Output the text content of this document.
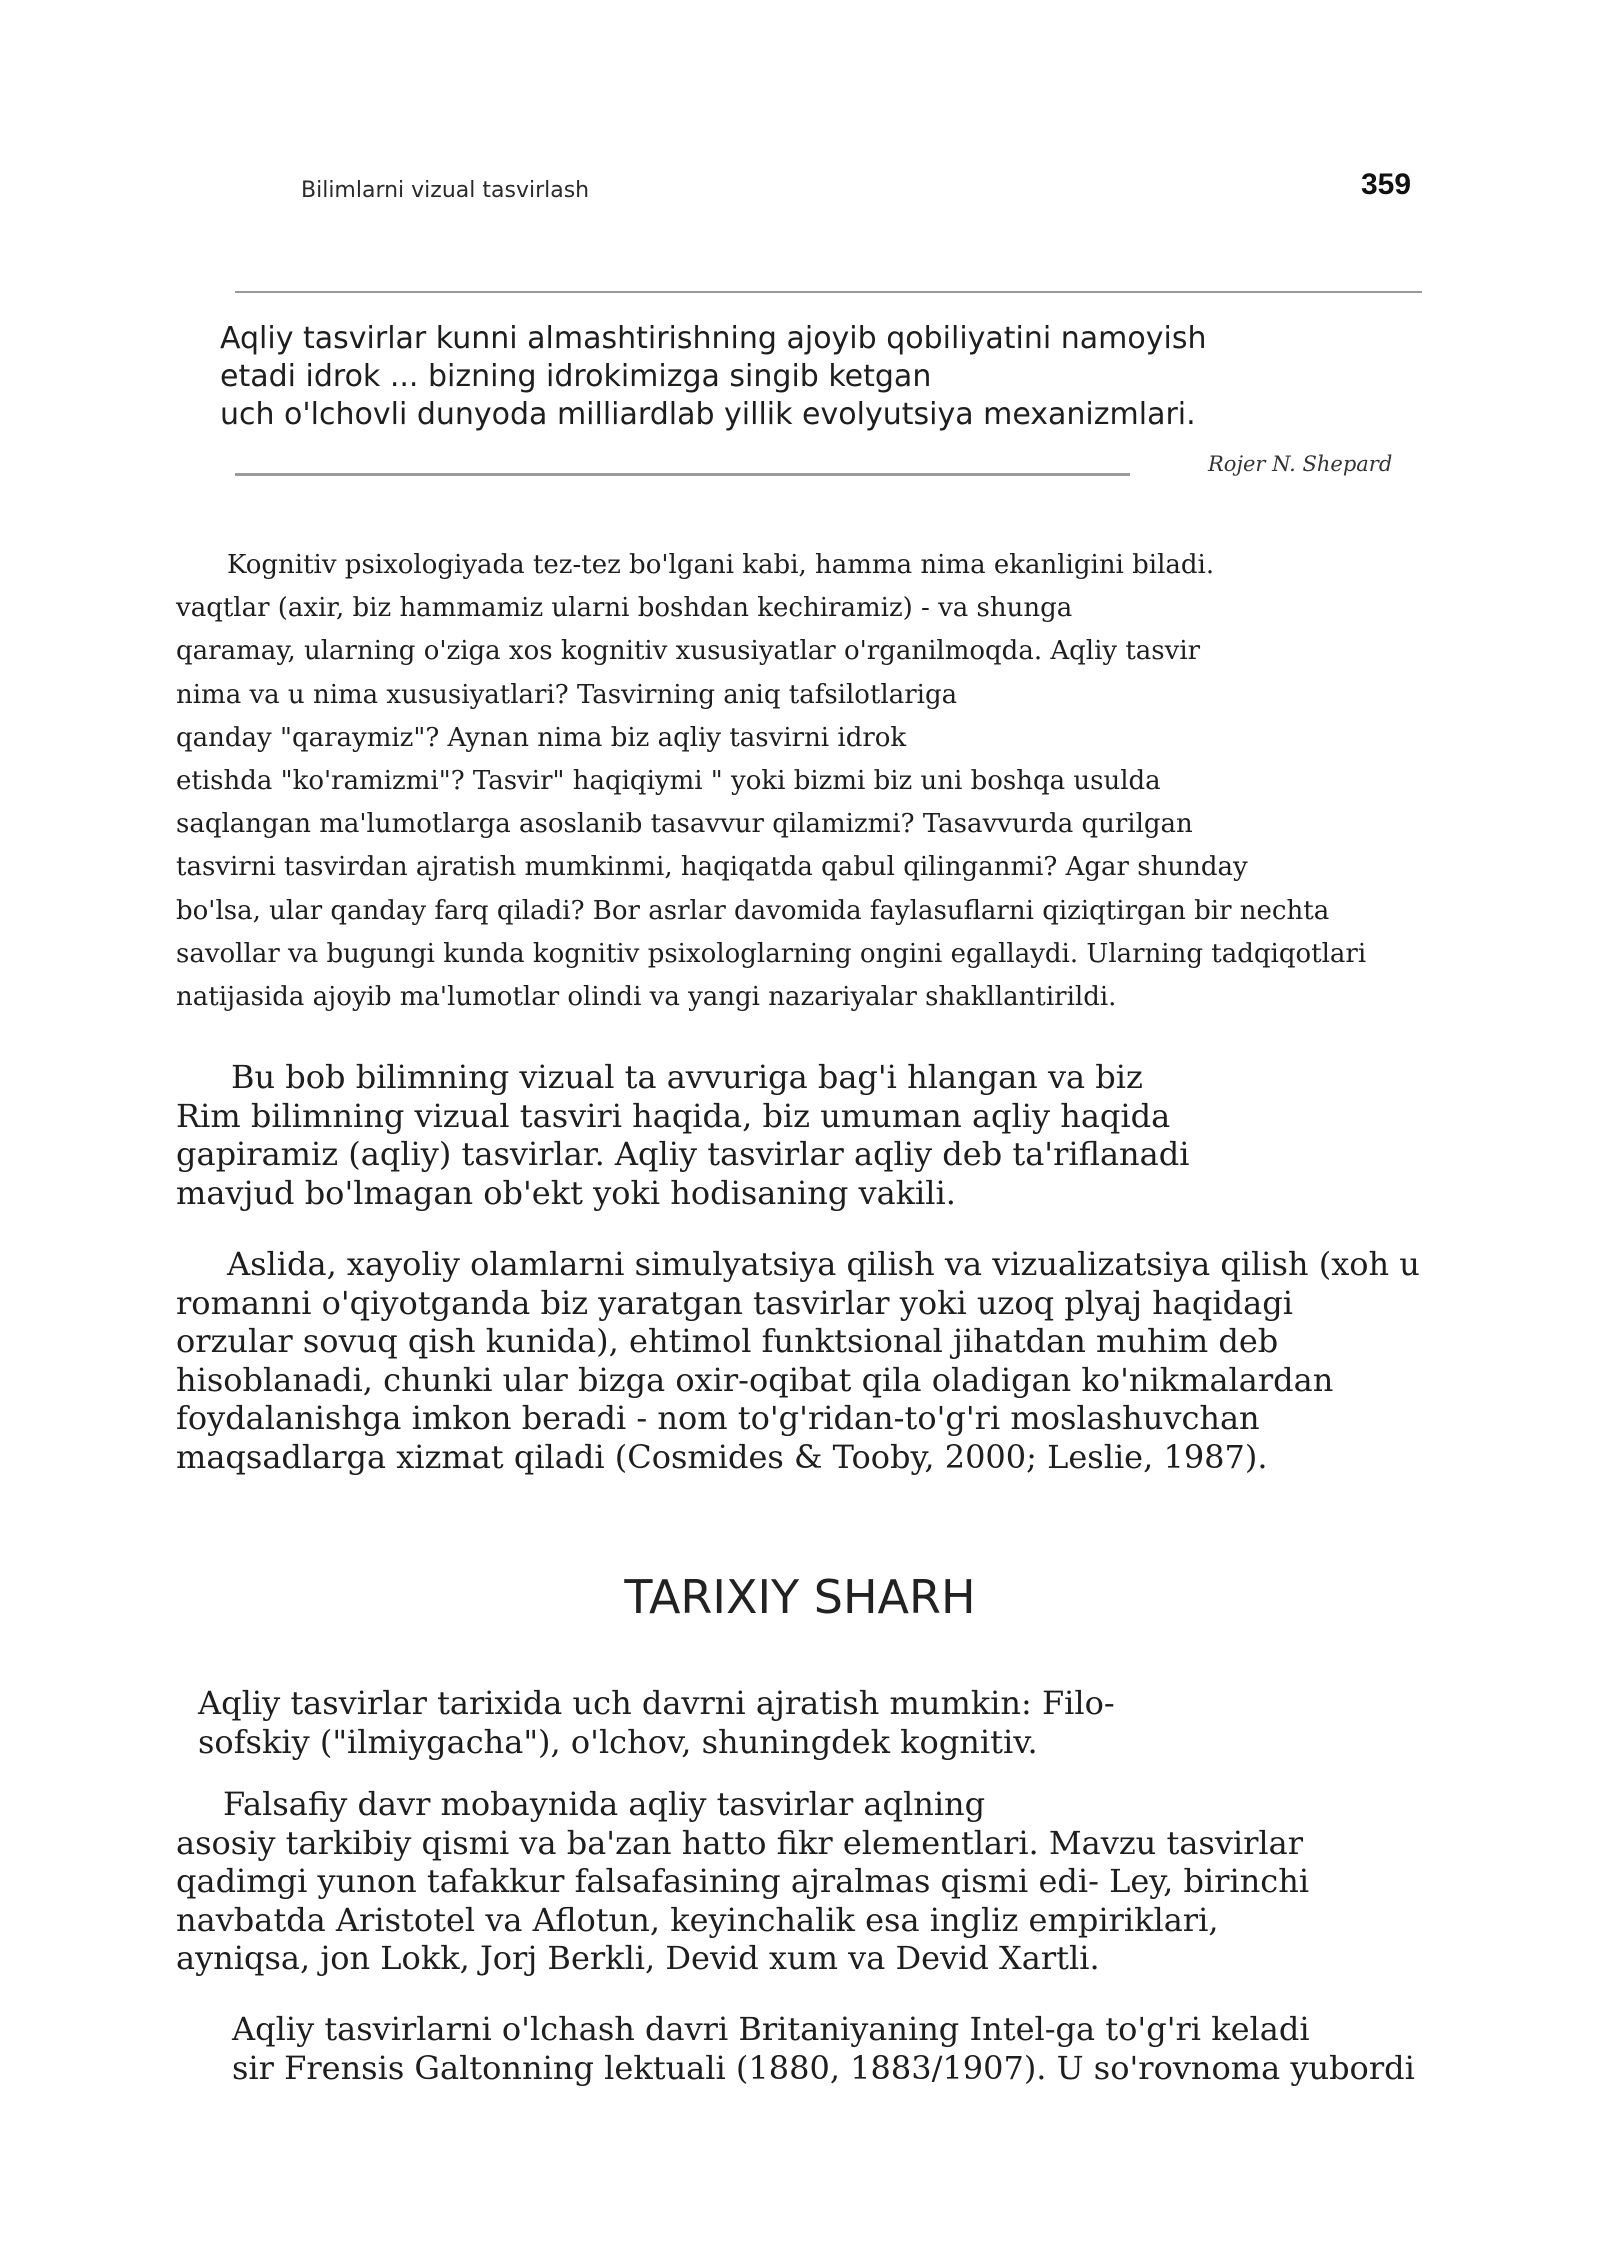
Bilimlarni vizual tasvirlash	359
Aqliy tasvirlar kunni almashtirishning ajoyib qobiliyatini namoyish
etadi idrok ... bizning idrokimizga singib ketgan
uch o'lchovli dunyoda milliardlab yillik evolyutsiya mexanizmlari.
Rojer N. Shepard
Kognitiv psixologiyada tez-tez bo'lgani kabi, hamma nima ekanligini biladi.
vaqtlar (axir, biz hammamiz ularni boshdan kechiramiz) - va shunga
qaramay, ularning o'ziga xos kognitiv xususiyatlar o'rganilmoqda. Aqliy tasvir
nima va u nima xususiyatlari? Tasvirning aniq tafsilotlariga
qanday "qaraymiz"? Aynan nima biz aqliy tasvirni idrok
etishda "ko'ramizmi"? Tasvir" haqiqiymi " yoki bizmi biz uni boshqa usulda
saqlangan ma'lumotlarga asoslanib tasavvur qilamizmi? Tasavvurda qurilgan
tasvirni tasvirdan ajratish mumkinmi, haqiqatda qabul qilinganmi? Agar shunday
bo'lsa, ular qanday farq qiladi? Bor asrlar davomida faylasuflarni qiziqtirgan bir nechta
savollar va bugungi kunda kognitiv psixologlarning ongini egallaydi. Ularning tadqiqotlari
natijasida ajoyib ma'lumotlar olindi va yangi nazariyalar shakllantirildi.
Bu bob bilimning vizual ta avvuriga bag'i hlangan va biz
Rim bilimning vizual tasviri haqida, biz umuman aqliy haqida
gapiramiz (aqliy) tasvirlar. Aqliy tasvirlar aqliy deb ta'riflanadi
mavjud bo'lmagan ob'ekt yoki hodisaning vakili.
Aslida, xayoliy olamlarni simulyatsiya qilish va vizualizatsiya qilish (xoh u
romanni o'qiyotganda biz yaratgan tasvirlar yoki uzoq plyaj haqidagi
orzular sovuq qish kunida), ehtimol funktsional jihatdan muhim deb
hisoblanadi, chunki ular bizga oxir-oqibat qila oladigan ko'nikmalardan
foydalanishga imkon beradi - nom to'g'ridan-to'g'ri moslashuvchan
maqsadlarga xizmat qiladi (Cosmides & Tooby, 2000; Leslie, 1987).
TARIXIY SHARH
Aqliy tasvirlar tarixida uch davrni ajratish mumkin: Filo-
sofskiy ("ilmiygacha"), o'lchov, shuningdek kognitiv.
Falsafiy davr mobaynida aqliy tasvirlar aqlning
asosiy tarkibiy qismi va ba'zan hatto fikr elementlari. Mavzu tasvirlar
qadimgi yunon tafakkur falsafasining ajralmas qismi edi- Ley, birinchi
navbatda Aristotel va Aflotun, keyinchalik esa ingliz empiriklari,
ayniqsa, jon Lokk, Jorj Berkli, Devid xum va Devid Xartli.
Aqliy tasvirlarni o'lchash davri Britaniyaning Intel-ga to'g'ri keladi
sir Frensis Galtonning lektuali (1880, 1883/1907). U so'rovnoma yubordi
